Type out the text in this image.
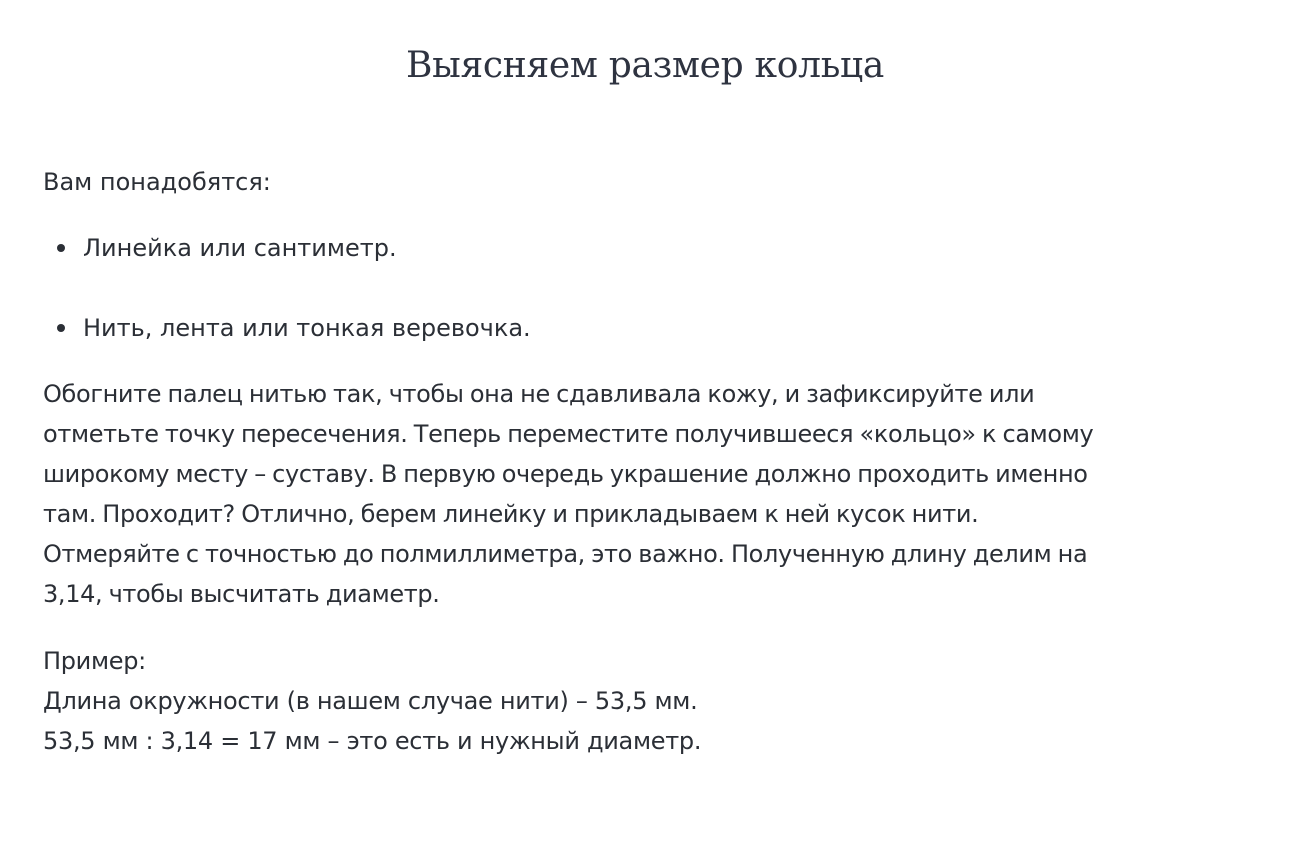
Выясняем размер кольца

Вам понадобятся:

Линейка или сантиметр.
Нить, лента или тонкая веревочка.

Обогните палец нитью так, чтобы она не сдавливала кожу, и зафиксируйте или
отметьте точку пересечения. Теперь переместите получившееся «кольцо» к самому
широкому месту – суставу. В первую очередь украшение должно проходить именно
там. Проходит? Отлично, берем линейку и прикладываем к ней кусок нити.
Отмеряйте с точностью до полмиллиметра, это важно. Полученную длину делим на
3,14, чтобы высчитать диаметр.

Пример:
Длина окружности (в нашем случае нити) – 53,5 мм.
53,5 мм : 3,14 = 17 мм – это есть и нужный диаметр.
